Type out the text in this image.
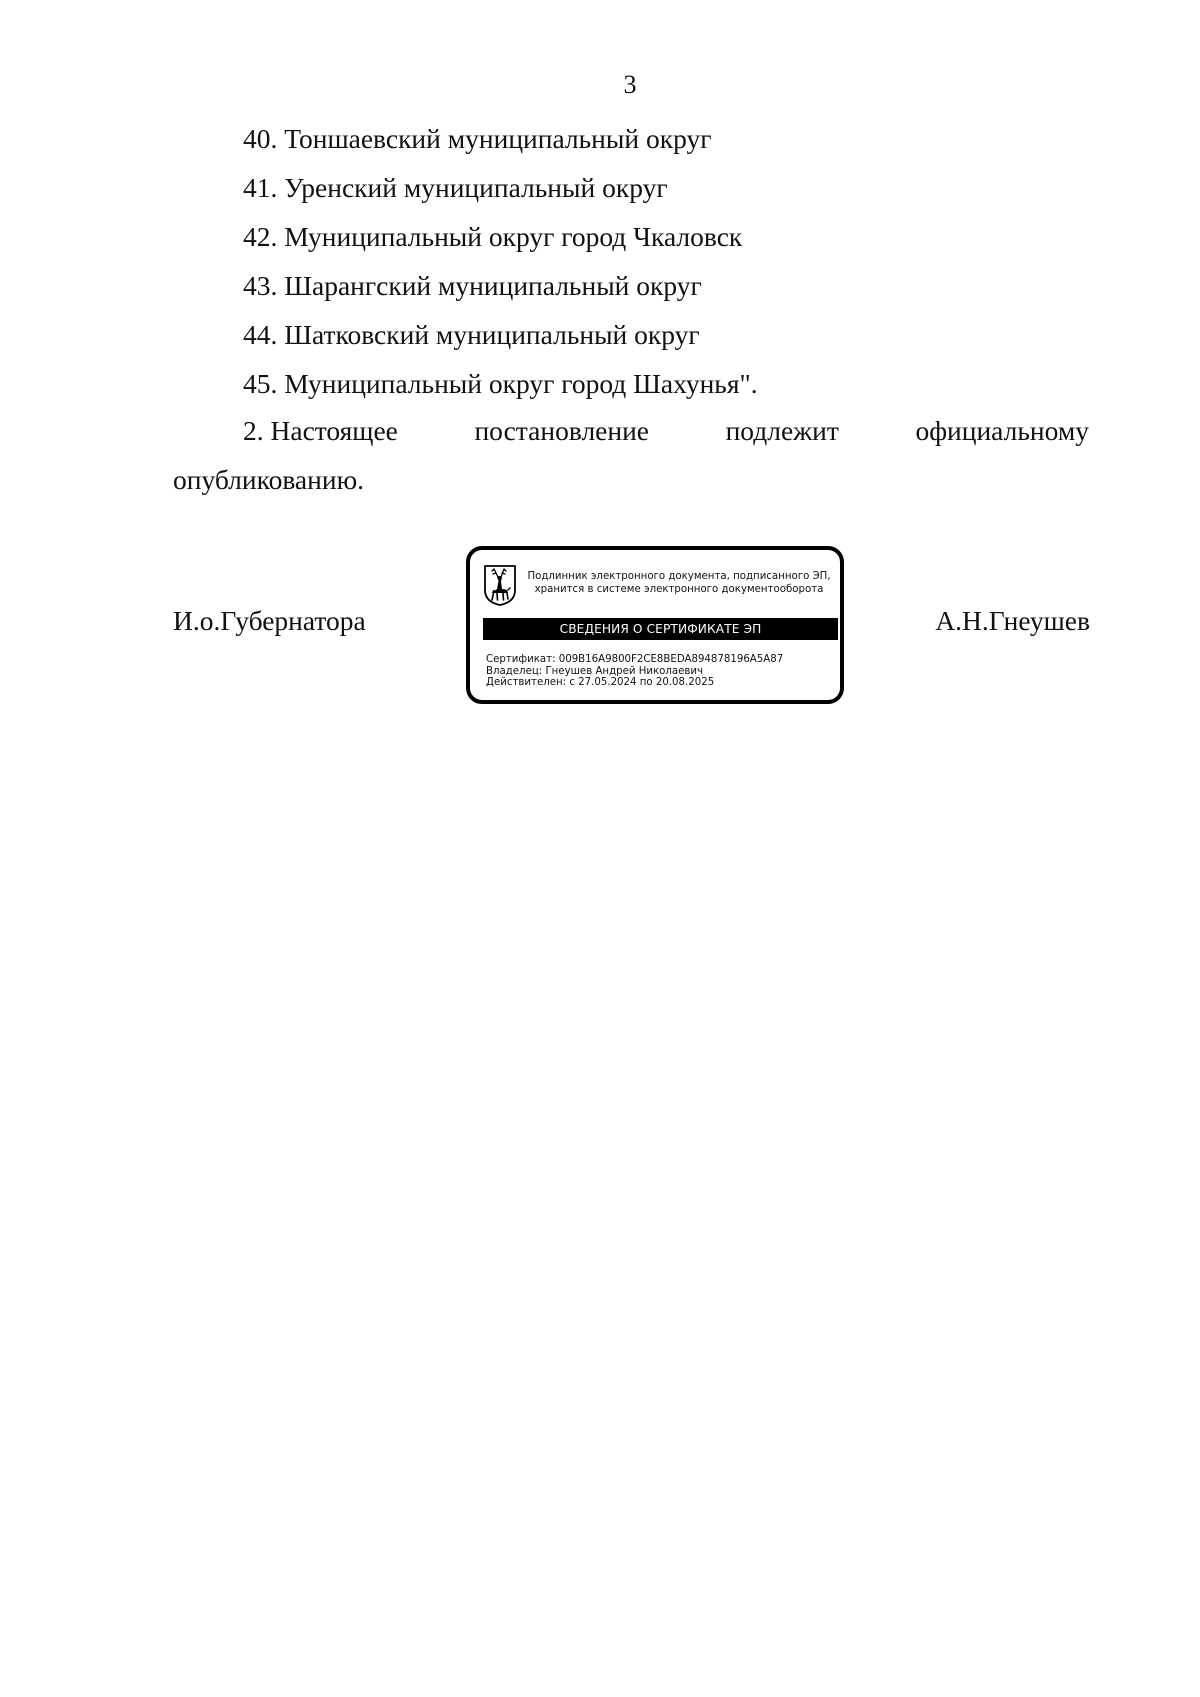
3
40. Тоншаевский муниципальный округ
41. Уренский муниципальный округ
42. Муниципальный округ город Чкаловск
43. Шарангский муниципальный округ
44. Шатковский муниципальный округ
45. Муниципальный округ город Шахунья".
2. Настоящее	постановление	подлежит	официальному
опубликованию.
И.о.Губернатора	А.Н.Гнеушев
Подлинник электронного документа, подписанного ЭП,
хранится в системе электронного документооборота
СВЕДЕНИЯ О СЕРТИФИКАТЕ ЭП
Сертификат: 009B16A9800F2CE8BEDA894878196A5A87
Владелец: Гнеушев Андрей Николаевич
Действителен: с 27.05.2024 по 20.08.2025
